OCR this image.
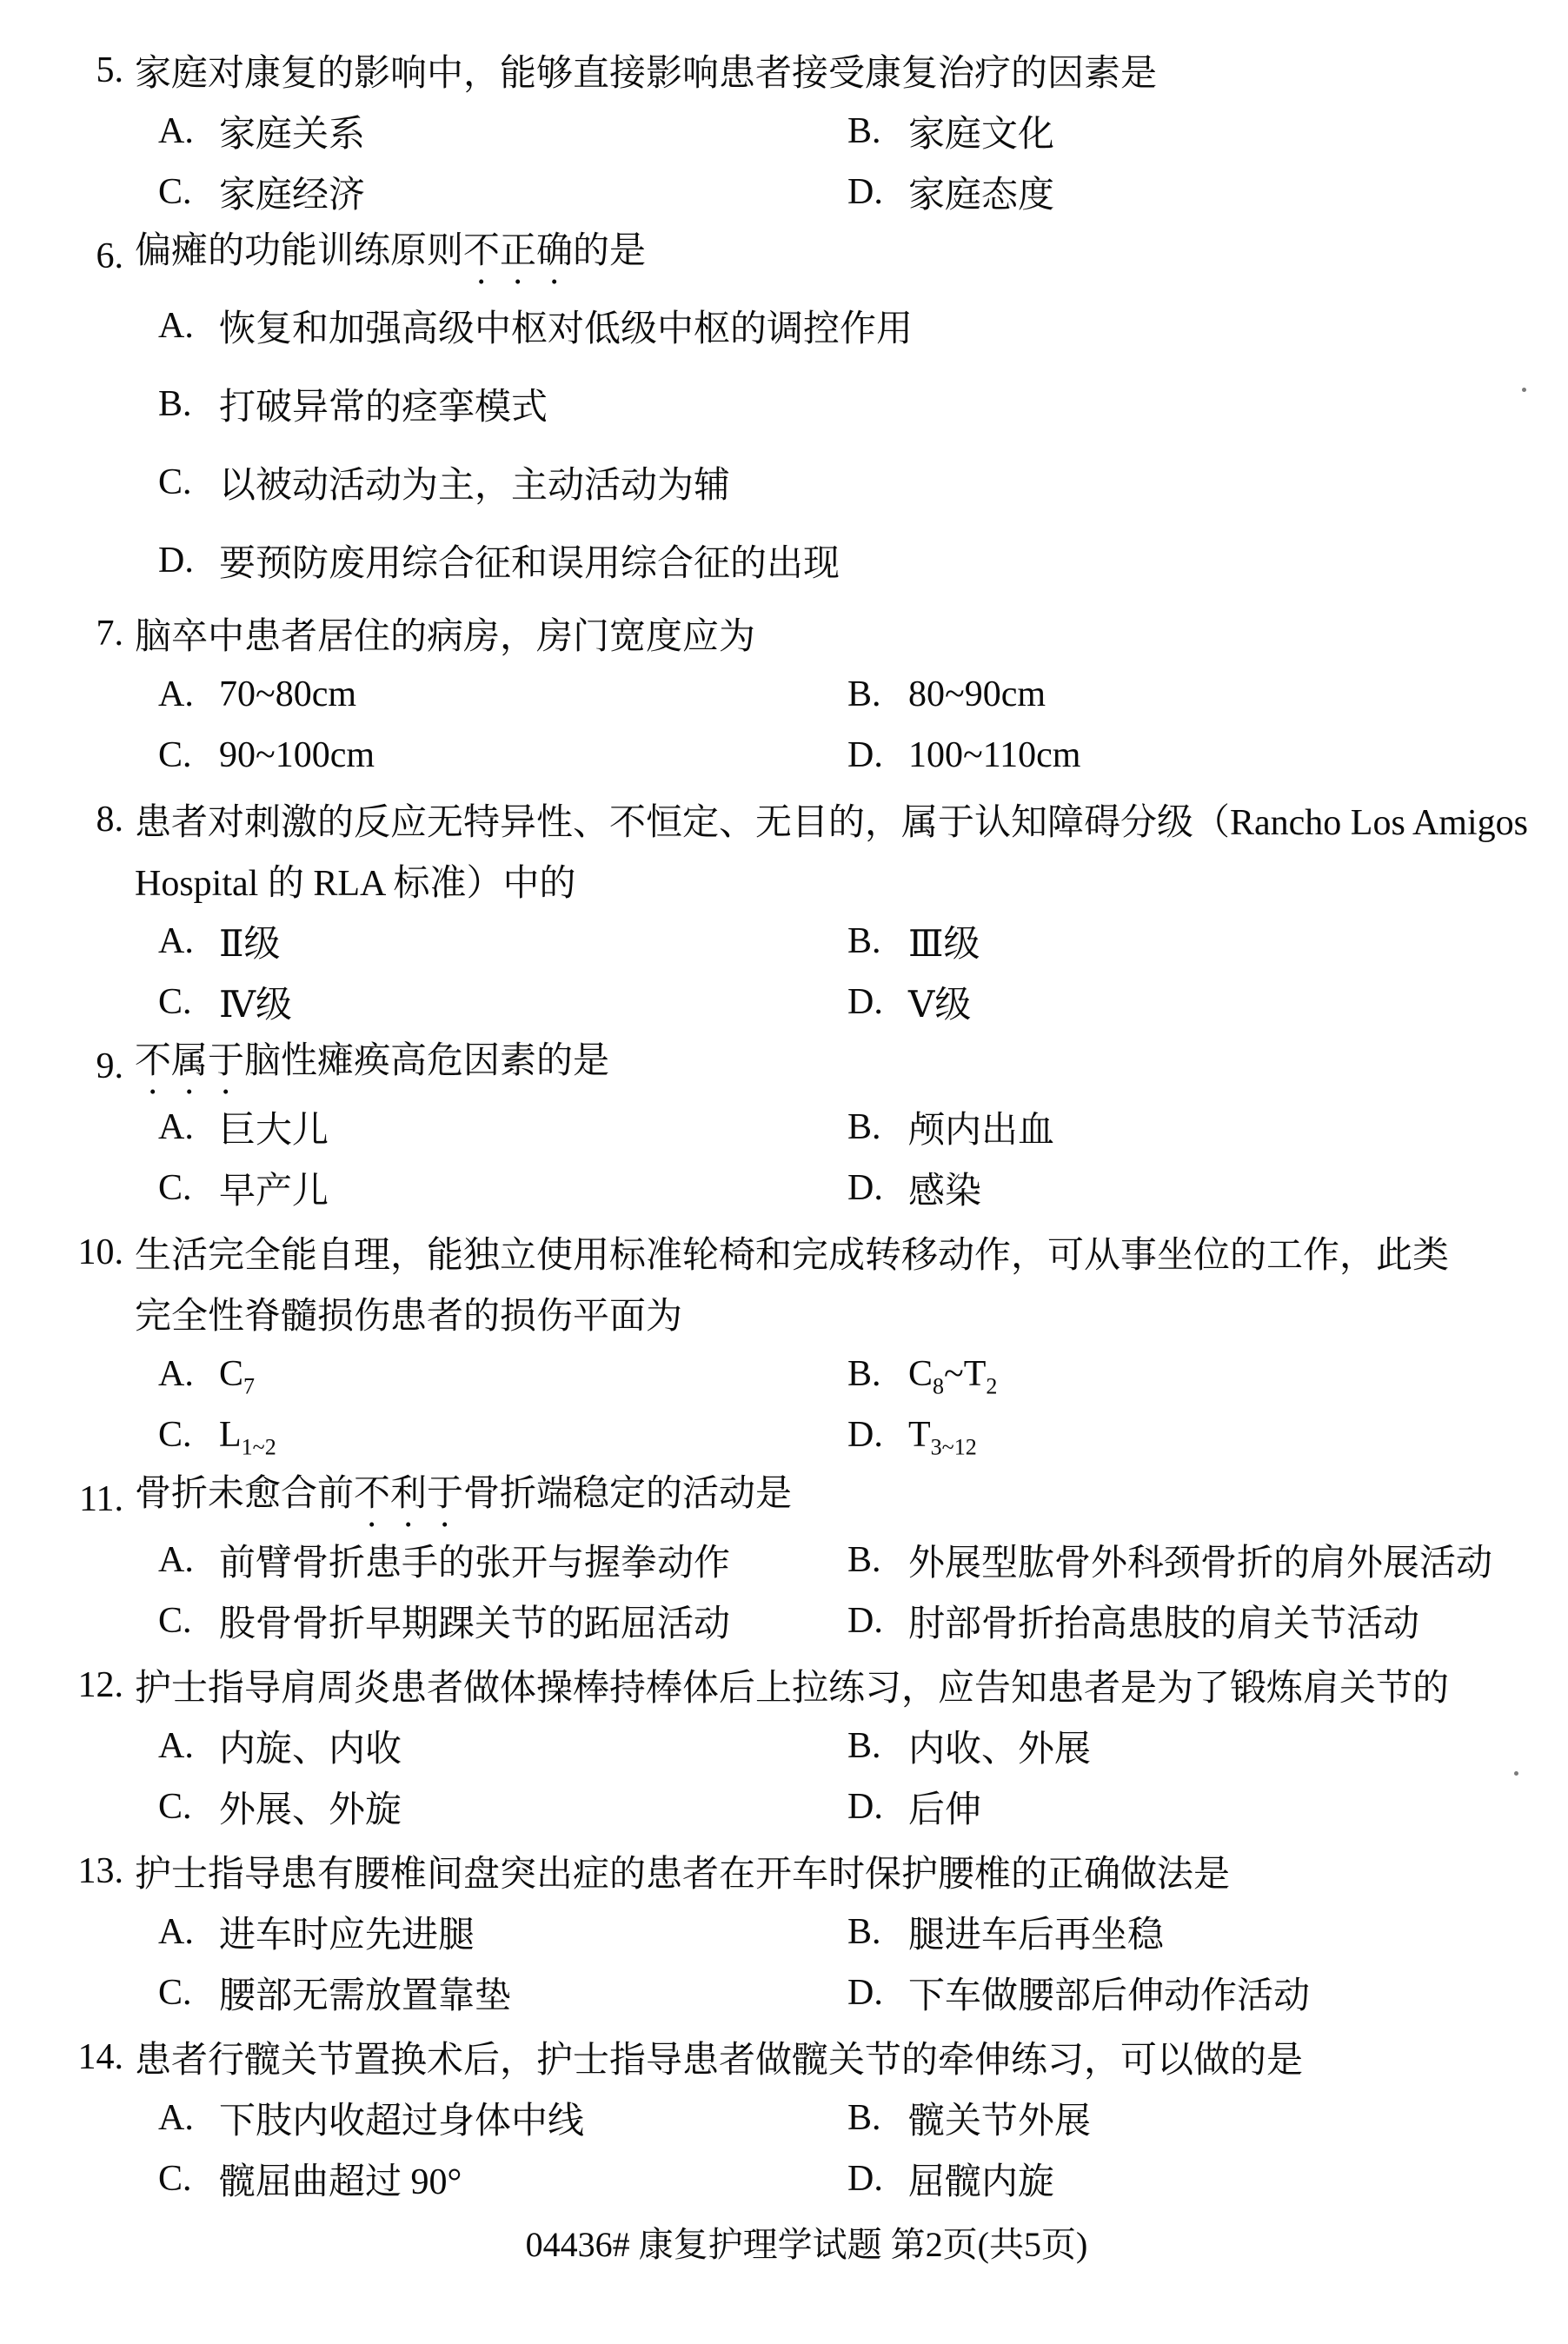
5. 家庭对康复的影响中，能够直接影响患者接受康复治疗的因素是
A. 家庭关系	B. 家庭文化
C. 家庭经济	D. 家庭态度
6. 偏瘫的功能训练原则不正确的是
A. 恢复和加强高级中枢对低级中枢的调控作用
B. 打破异常的痉挛模式
C. 以被动活动为主，主动活动为辅
D. 要预防废用综合征和误用综合征的出现
7. 脑卒中患者居住的病房，房门宽度应为
A. 70~80cm	B. 80~90cm
C. 90~100cm	D. 100~110cm
8. 患者对刺激的反应无特异性、不恒定、无目的，属于认知障碍分级（Rancho Los Amigos
Hospital 的 RLA 标准）中的
A. Ⅱ级	B. Ⅲ级
C. Ⅳ级	D. Ⅴ级
9. 不属于脑性瘫痪高危因素的是
A. 巨大儿	B. 颅内出血
C. 早产儿	D. 感染
10. 生活完全能自理，能独立使用标准轮椅和完成转移动作，可从事坐位的工作，此类
完全性脊髓损伤患者的损伤平面为
A. $C_7$	B. $C_8\sim T_2$
C. $L_{1\sim 2}$	D. $T_{3\sim 12}$
11. 骨折未愈合前不利于骨折端稳定的活动是
A. 前臂骨折患手的张开与握拳动作	B. 外展型肱骨外科颈骨折的肩外展活动
C. 股骨骨折早期踝关节的跖屈活动	D. 肘部骨折抬高患肢的肩关节活动
12. 护士指导肩周炎患者做体操棒持棒体后上拉练习，应告知患者是为了锻炼肩关节的
A. 内旋、内收	B. 内收、外展
C. 外展、外旋	D. 后伸
13. 护士指导患有腰椎间盘突出症的患者在开车时保护腰椎的正确做法是
A. 进车时应先进腿	B. 腿进车后再坐稳
C. 腰部无需放置靠垫	D. 下车做腰部后伸动作活动
14. 患者行髋关节置换术后，护士指导患者做髋关节的牵伸练习，可以做的是
A. 下肢内收超过身体中线	B. 髋关节外展
C. 髋屈曲超过 90°	D. 屈髋内旋
04436# 康复护理学试题 第2页(共5页)
